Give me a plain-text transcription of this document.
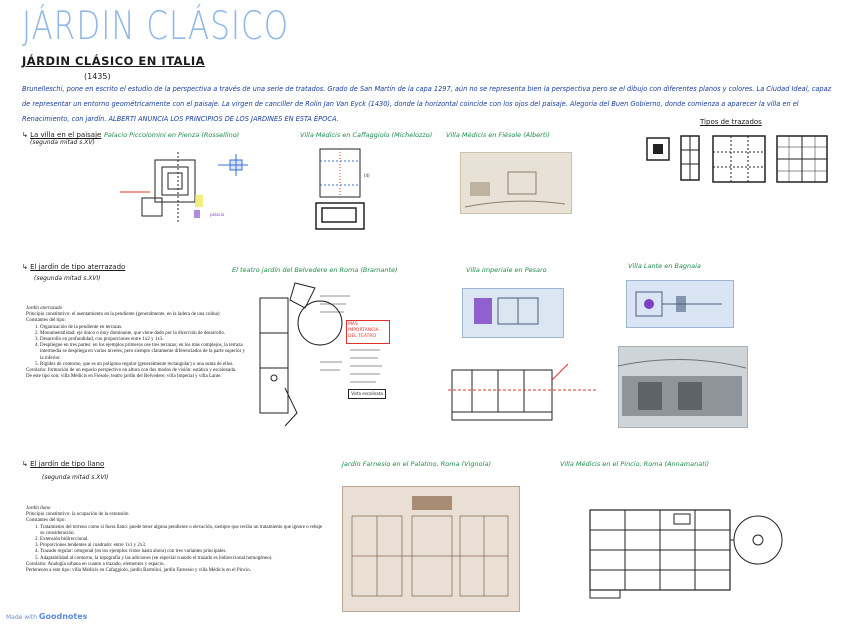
JÁRDIN CLÁSICO
JÁRDIN CLÁSICO EN ITALIA
(1435)
Brunelleschi, pone en escrito el estudio de la perspectiva a través de una serie de tratados. Grado de San Martín de la capa 1297, aún no se representa bien la perspectiva pero se el dibujo con diferentes planos y colores. La Ciudad Ideal, capaz de representar un entorno geométricamente con el paisaje. La virgen de canciller de Rolin Jan Van Eyck (1430), donde la horizontal coincide con los ojos del paisaje. Alegoría del Buen Gobierno, donde comienza a aparecer la villa en el Renacimiento, con jardín. ALBERTI ANUNCIA LOS PRINCIPIOS DE LOS JARDINES EN ESTA ÉPOCA.
↳ La villa en el paisaje
(segunda mitad s.XV)
Palacio Piccolomini en Pienza (Rossellino)	Villa Médicis en Caffaggiolo (Michelozzo) Villa Médicis en Fiésole (Alberti)
Tipos de trazados
palacio
(4)
↳ El jardín de tipo aterrazado
(segunda mitad s.XVI)

Jardín aterrazado

Principio constitutivo: el asentamiento en la pendiente (generalmente, en la ladera de una colina)

Constantes del tipo:

1. Organización de la pendiente en terrazas.
2. Monumentalidad: eje único o muy dominante, que viene dado por la dirección de desarrollo.
3. Desarrollo en profundidad, con proporciones entre 1x2 y 1x3.
4. Despliegue en tres partes: en los ejemplos primeros ose tres terrazas; en los más complejos, la terraza intermedia se despliega en varios niveles, pero siempre claramente diferenciados de la parte superior y la inferior.
5. Rigidez de contorno, que es un polígono regular (generalmente rectangular) o una suma de ellos.

Corolario: formación de un espacio perspectivo en altura con dos modos de visión: estática y escalonada.

De este tipo son: villa Médicis en Fiésole, teatro jardín del Belvedere, villa Imperial y villa Lante.

El teatro jardín del Belvedere en Roma (Bramante)	Villa imperiale en Pesaro	Villa Lante en Bagnaia
MAS IMPORTANCIA DEL TEATRO
Vista escalinata
↳ El jardín de tipo llano
(segunda mitad s.XVI)

Jardín llano

Principio constitutivo: la ocupación de la extensión

Constantes del tipo:

1. Tratamiento del terreno como si fuera llano: puede tener alguna pendiente o elevación, siempre que reciba un tratamiento que ignore o rebaje su consideración.
2. Extensión bidireccional.
3. Proporciones tendentes al cuadrado: entre 1x1 y 2x3.
4. Trazado regular: ortogonal (en los ejemplos vistos hasta ahora) con tres variantes principales.
5. Adaptabilidad al contorno, la topografía y las adiciones (en especial cuando el trazado es bidireccional homogéneo).

Corolario: Analogía urbana en cuanto a trazado, elementos y espacio.

Pertenecen a este tipo: villa Médicis en Cafaggiolo, jardín Bartolini, jardín Farnesio y villa Médicis en el Pincio.

Jardín Farnesio en el Palatino, Roma (Vignola)	Villa Médicis en el Pincio, Roma (Annamanati)
Made with Goodnotes
